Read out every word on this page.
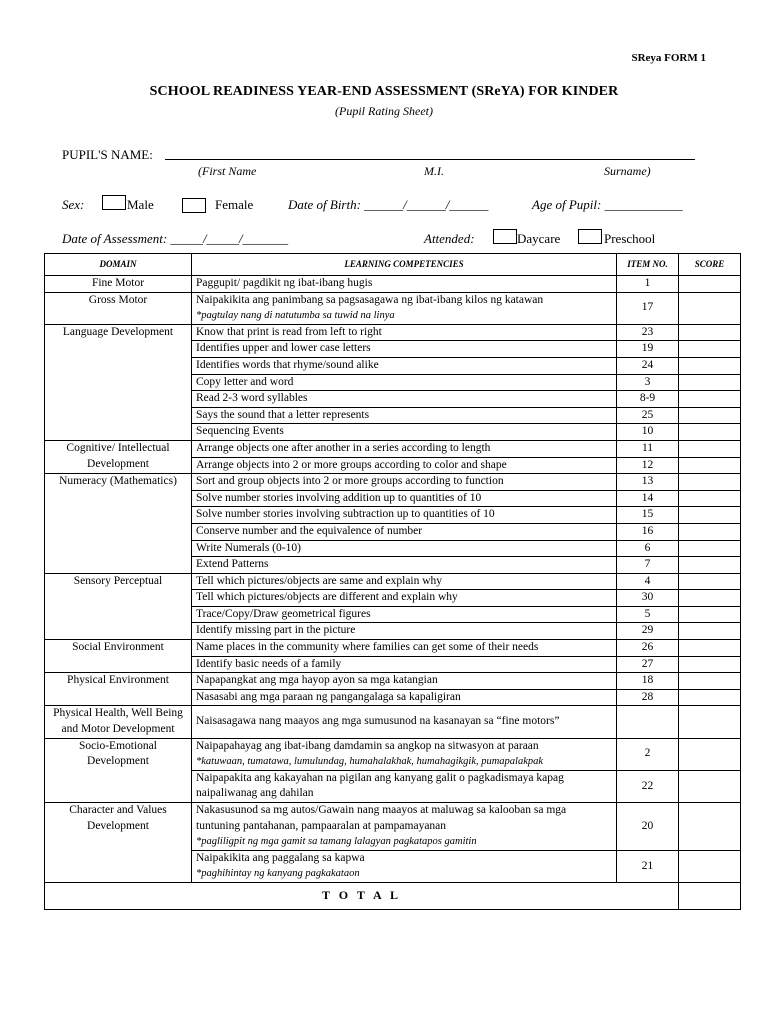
SReya FORM 1
SCHOOL READINESS YEAR-END ASSESSMENT (SReYA) FOR KINDER
(Pupil Rating Sheet)
PUPIL'S NAME:
(First Name	M.I.	Surname)
Sex:	Male	Female	Date of Birth: ______/______/______	Age of Pupil: ____________
Date of Assessment: _____/_____/_______	Attended:	Daycare	Preschool
DOMAIN	LEARNING COMPETENCIES	ITEM NO.	SCORE
Fine Motor	Paggupit/ pagdikit ng ibat-ibang hugis	1	
Gross Motor	Naipakikita ang panimbang sa pagsasagawa ng ibat-ibang kilos ng katawan
*pagtulay nang di natutumba sa tuwid na linya	17	
Language Development	Know that print is read from left to right	23	

	Identifies upper and lower case letters	19	

	Identifies words that rhyme/sound alike	24	

	Copy letter and word	3	

	Read 2-3 word syllables	8-9	

	Says the sound that a letter represents	25	

	Sequencing Events	10	
Cognitive/ Intellectual Development	Arrange objects one after another in a series according to length	11	

	Arrange objects into 2 or more groups according to color and shape	12	
Numeracy (Mathematics)	Sort and group objects into 2 or more groups according to function	13	

	Solve number stories involving addition up to quantities of 10	14	

	Solve number stories involving subtraction up to quantities of 10	15	

	Conserve number and the equivalence of number	16	

	Write Numerals (0-10)	6	

	Extend Patterns	7	
Sensory Perceptual	Tell which pictures/objects are same and explain why	4	

	Tell which pictures/objects are different and explain why	30	

	Trace/Copy/Draw geometrical figures	5	

	Identify missing part in the picture	29	
Social Environment	Name places in the community where families can get some of their needs	26	

	Identify basic needs of a family	27	
Physical Environment	Napapangkat ang mga hayop ayon sa mga katangian	18	

	Nasasabi ang mga paraan ng pangangalaga sa kapaligiran	28	
Physical Health, Well Being and Motor Development	Naisasagawa nang maayos ang mga sumusunod na kasanayan sa “fine motors”		

Socio-Emotional Development	Naipapahayag ang ibat-ibang damdamin sa angkop na sitwasyon at paraan
*katuwaan, tumatawa, lumulundag, humahalakhak, humahagikgik, pumapalakpak	2	

	Naipapakita ang kakayahan na pigilan ang kanyang galit o pagkadismaya kapag naipaliwanag ang dahilan	22	
Character and Values Development	Nakasusunod sa mg autos/Gawain nang maayos at maluwag sa kalooban sa mga tuntuning pantahanan, pampaaralan at pampamayanan
*pagliligpit ng mga gamit sa tamang lalagyan pagkatapos gamitin	20	

	Naipakikita ang paggalang sa kapwa
*paghihintay ng kanyang pagkakataon	21	
T O T A L			
